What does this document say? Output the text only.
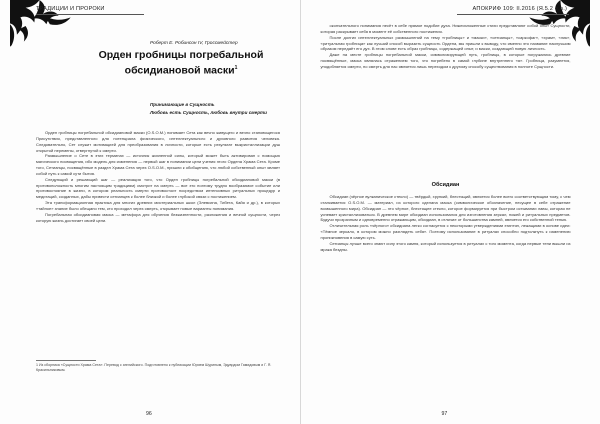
ТРАДИЦИИ И ПРОРОКИ
Роберт Е. Робинсон IV, Гроссмейстер
Орден гробницы погребальной обсидиановой маски$^1$
Принимающие в Сущность
Любовь есть Сущность, любовь внутри смерти

Орден гробницы погребальной обсидиановой маски (O.S.O.M.) понимает Сета как вечно живущего и вечно становящегося Присутствия, представленного для потенциала физического, интеллектуального и духовного развития человека. Следовательно, Сет служит мотивацией для преобразования в личности, которые есть результат выкристаллизации душ открытой перемены, отвергнутой к смерти.

Размышление о Сете в этих терминах — источник жизненной силы, который может быть активирован с помощью магического посвящения, ибо модель для изменения — первый шаг в понимании цели учения этого Ордена Храма Сета. Кроме того, Сетианцы, посвящённые в раздел Храма Сета через O.S.O.M., пришли к обобщению, что любой собственный опыт являет собой путь к самой сути бытия.

Следующий и решающий шаг — реализация того, что Орден гробницы погребальной обсидиановой маски (в противоположность многим настоящим традициям) смотрит на смерть — все это поэтому трудно вообразимое событие или противостояние в жизни, в котором реальность смерти противостоит посредством интенсивных ритуальных процедур и медитаций, созданных, дабы привести сетианцев к более близкой и более глубокой связи с постижением.

Эта трансформационная практика для многих древних мистериальных школ (Элевсина, Тибета, Кайя и др.), в которых «тайное» знание было обещано тем, кто проходил через смерть, открывает новые варианты понимания.

Погребальная обсидиановая маска — метафора для обучения безжизненности, разложения и вечной сущности, через которую жизнь достигает своей цели.

1 Из сборника «Сущности Храма Сета». Перевод с английского. Подготовлено к публикации Юрием Шуриным, Эдуардом Гамидовым и Г. Я. Красильниковым.
96
АПОКРИФ 109: II.2016 (Я.5.2 e.n.)

окончательного понимания несёт в себе прямое подобие духа. Нижеизложенные стихи представляют собой опыт Сущности, которая раскрывает себя в момент её собственного постижения.

После долгих интеллектуальных размышлений на тему «гробницы» и «маски», «сетианцы», «саркофаг», «храм», «лик», «ритуальная гробница» как лучший способ выразить сущность Ордена, мы пришли к выводу, что именно это название наилучшим образом передаёт его дух. В этом слове есть образ гробницы, содержащей опыт, и маски, создающей новую личность.

Даже на месте гробницы погребальной маски, символизирующей путь, гробницы, в которые погружались древние посвящённые, маска являлась отражением того, что погребено в самой глубине внутреннего «я». Гробница, разумеется, уподобляется смерти, но смерть для нас является лишь переходом к другому способу существования в полноте Сущности.

Обсидиан

Обсидиан (чёрное вулканическое стекло) — твёрдый, хрупкий, блестящий, является более всего соответствующим тому, с чем сталкивается O.S.O.M. — материал, из которого сделана маска (символическое обозначение, несущее в себе отражение возвышенного мира). Обсидиан — это чёрное, блестящее стекло, которое формируется при быстром остывании лавы, которая не успевает кристаллизоваться. В древнем мире обсидиан использовался для изготовления зеркал, ножей и ритуальных предметов. Будучи прозрачным и одновременно отражающим, обсидиан, в отличие от большинства камней, является его собственной тенью.

Отличительная роль «чёрного» обсидиана легко согласуется с некоторыми утверждениями египтян, лежащими в основе идеи: «Тёмное зеркало, в котором можно разглядеть себя». Поэтому использование в ритуалах способно подтолкнуть к изменению проникновения в самую суть.

Сетианцы лучше всего знают силу этого камня, который используется в ритуалах с того момента, когда первые тени вышли из мрака бездны.

97
